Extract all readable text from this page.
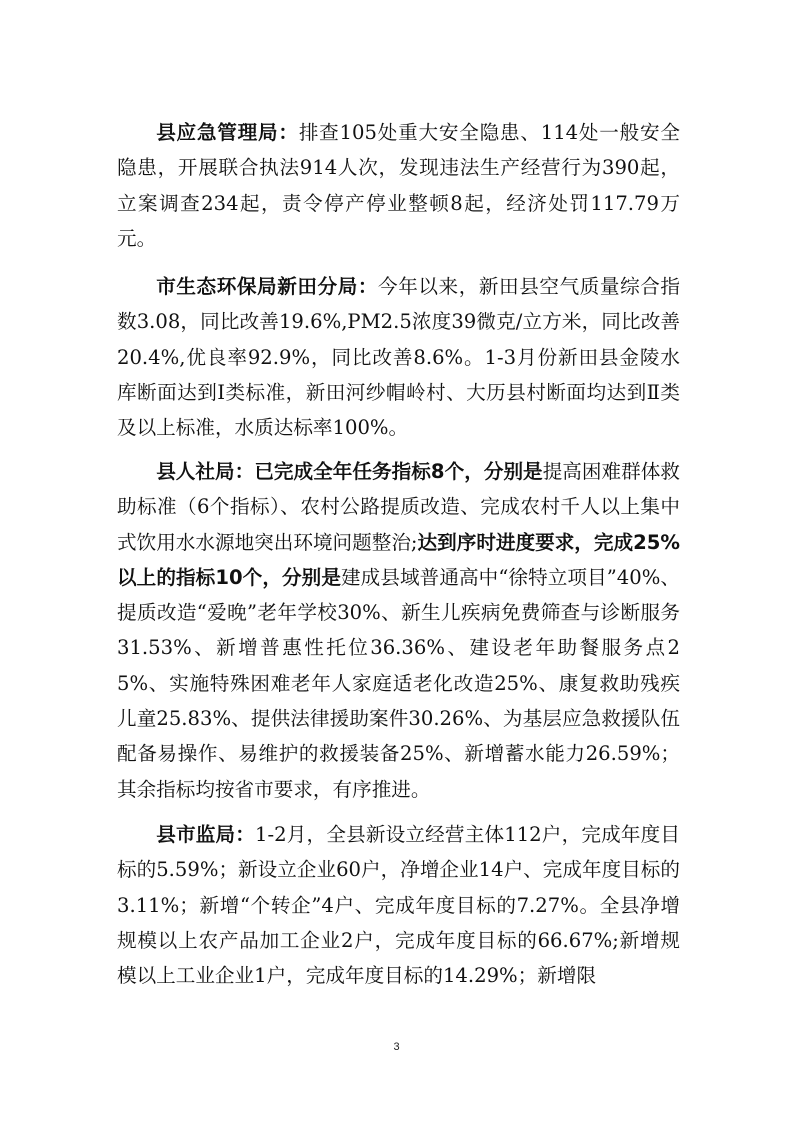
县应急管理局：排查105处重大安全隐患、114处一般安全隐患，开展联合执法914人次，发现违法生产经营行为390起，立案调查234起，责令停产停业整顿8起，经济处罚117.79万元。

市生态环保局新田分局：今年以来，新田县空气质量综合指数3.08，同比改善19.6%,PM2.5浓度39微克/立方米，同比改善20.4%,优良率92.9%，同比改善8.6%。1-3月份新田县金陵水库断面达到Ⅰ类标准，新田河纱帽岭村、大历县村断面均达到Ⅱ类及以上标准，水质达标率100%。

县人社局：已完成全年任务指标8个，分别是提高困难群体救助标准（6个指标）、农村公路提质改造、完成农村千人以上集中式饮用水水源地突出环境问题整治;达到序时进度要求，完成25%以上的指标10个，分别是建成县域普通高中“徐特立项目”40%、提质改造“爱晚”老年学校30%、新生儿疾病免费筛查与诊断服务31.53%、新增普惠性托位36.36%、建设老年助餐服务点25%、实施特殊困难老年人家庭适老化改造25%、康复救助残疾儿童25.83%、提供法律援助案件30.26%、为基层应急救援队伍配备易操作、易维护的救援装备25%、新增蓄水能力26.59%；其余指标均按省市要求，有序推进。

县市监局：1-2月，全县新设立经营主体112户，完成年度目标的5.59%；新设立企业60户，净增企业14户、完成年度目标的3.11%；新增“个转企”4户、完成年度目标的7.27%。全县净增规模以上农产品加工企业2户，完成年度目标的66.67%;新增规模以上工业企业1户，完成年度目标的14.29%；新增限

3
